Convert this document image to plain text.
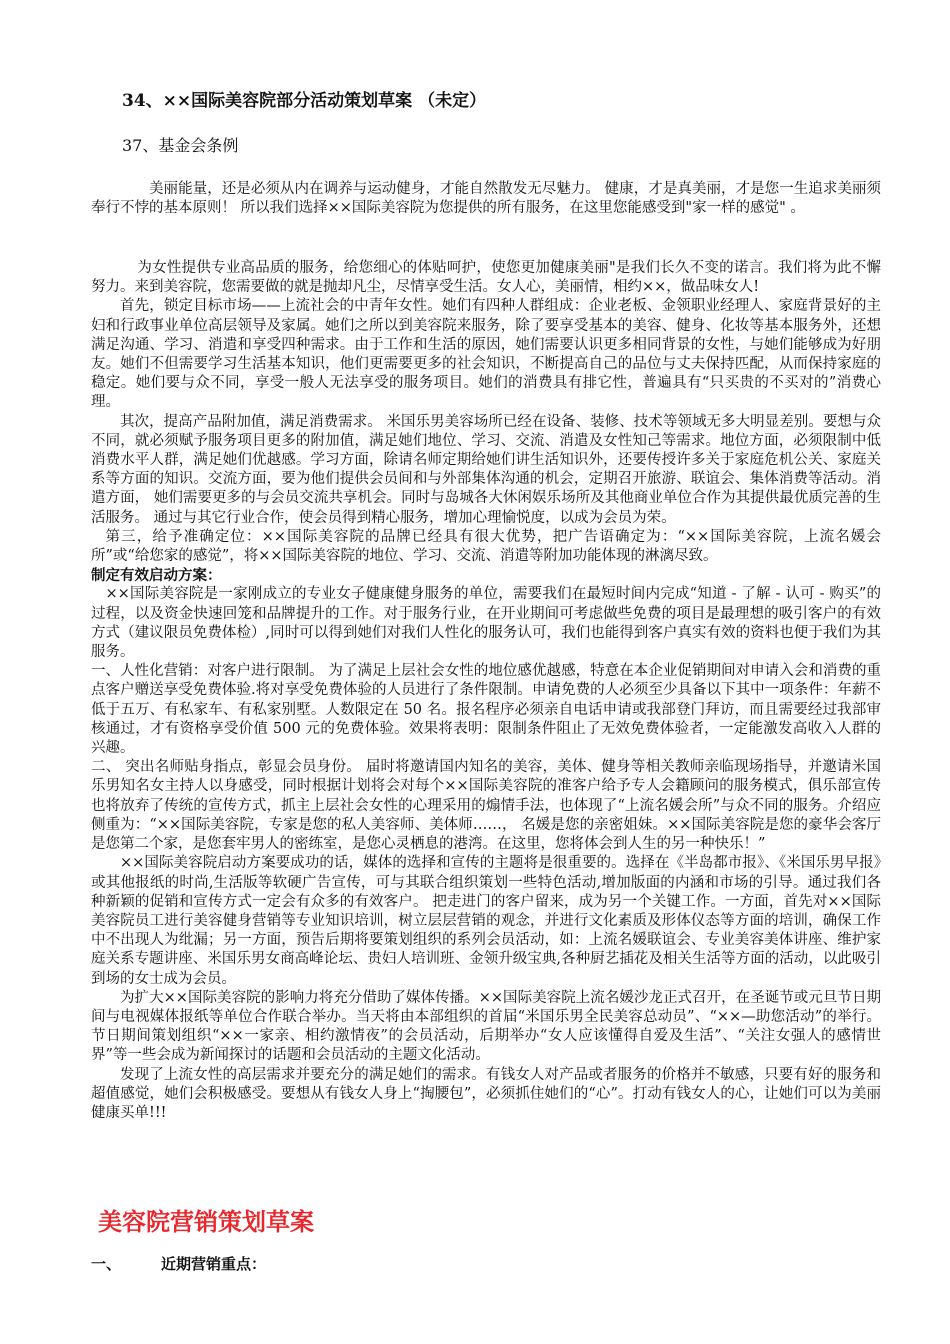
34、××国际美容院部分活动策划草案 （未定）
37、基金会条例

美丽能量，还是必须从内在调养与运动健身，才能自然散发无尽魅力。 健康，才是真美丽，才是您一生追求美丽须奉行不悖的基本原则！ 所以我们选择××国际美容院为您提供的所有服务，在这里您能感受到"家一样的感觉" 。

为女性提供专业高品质的服务，给您细心的体贴呵护，使您更加健康美丽"是我们长久不变的诺言。我们将为此不懈努力。来到美容院，您需要做的就是抛却凡尘，尽情享受生活。女人心，美丽情，相约××，做品味女人!

首先，锁定目标市场——上流社会的中青年女性。她们有四种人群组成：企业老板、金领职业经理人、家庭背景好的主妇和行政事业单位高层领导及家属。她们之所以到美容院来服务，除了要享受基本的美容、健身、化妆等基本服务外，还想满足沟通、学习、消遣和享受四种需求。由于工作和生活的原因，她们需要认识更多相同背景的女性，与她们能够成为好朋友。她们不但需要学习生活基本知识，他们更需要更多的社会知识，不断提高自己的品位与丈夫保持匹配，从而保持家庭的稳定。她们要与众不同，享受一般人无法享受的服务项目。她们的消费具有排它性，普遍具有“只买贵的不买对的”消费心理。

其次，提高产品附加值，满足消费需求。 米国乐男美容场所已经在设备、装修、技术等领域无多大明显差别。要想与众不同，就必须赋予服务项目更多的附加值，满足她们地位、学习、交流、消遣及女性知己等需求。地位方面，必须限制中低消费水平人群，满足她们优越感。学习方面，除请名师定期给她们讲生活知识外，还要传授许多关于家庭危机公关、家庭关系等方面的知识。交流方面，要为他们提供会员间和与外部集体沟通的机会，定期召开旅游、联谊会、集体消费等活动。消遣方面， 她们需要更多的与会员交流共享机会。同时与岛城各大休闲娱乐场所及其他商业单位合作为其提供最优质完善的生活服务。 通过与其它行业合作，使会员得到精心服务，增加心理愉悦度，以成为会员为荣。

第三，给予准确定位：××国际美容院的品牌已经具有很大优势，把广告语确定为：“××国际美容院，上流名媛会所”或“给您家的感觉”，将××国际美容院的地位、学习、交流、消遣等附加功能体现的淋漓尽致。

制定有效启动方案：

××国际美容院是一家刚成立的专业女子健康健身服务的单位，需要我们在最短时间内完成“知道 - 了解 - 认可 - 购买”的过程，以及资金快速回笼和品牌提升的工作。对于服务行业，在开业期间可考虑做些免费的项目是最理想的吸引客户的有效方式（建议限员免费体检）,同时可以得到她们对我们人性化的服务认可，我们也能得到客户真实有效的资料也便于我们为其服务。

一、人性化营销：对客户进行限制。 为了满足上层社会女性的地位感优越感，特意在本企业促销期间对申请入会和消费的重点客户赠送享受免费体验.将对享受免费体验的人员进行了条件限制。申请免费的人必须至少具备以下其中一项条件：年薪不低于五万、有私家车、有私家别墅。人数限定在 50 名。报名程序必须亲自电话申请或我部登门拜访，而且需要经过我部审核通过，才有资格享受价值 500 元的免费体验。效果将表明：限制条件阻止了无效免费体验者，一定能激发高收入人群的兴趣。

二、 突出名师贴身指点，彰显会员身份。 届时将邀请国内知名的美容，美体、健身等相关教师亲临现场指导，并邀请米国乐男知名女主持人以身感受，同时根据计划将会对每个××国际美容院的准客户给予专人会籍顾问的服务模式，俱乐部宣传也将放弃了传统的宣传方式，抓主上层社会女性的心理采用的煽情手法，也体现了“上流名媛会所”与众不同的服务。介绍应侧重为：“××国际美容院，专家是您的私人美容师、美体师……， 名媛是您的亲密姐妹。××国际美容院是您的豪华会客厅是您第二个家，是您套牢男人的密练室，是您心灵栖息的港湾。在这里，您将体会到人生的另一种快乐！”

××国际美容院启动方案要成功的话，媒体的选择和宣传的主题将是很重要的。选择在《半岛都市报》、《米国乐男早报》或其他报纸的时尚,生活版等软硬广告宣传，可与其联合组织策划一些特色活动,增加版面的内涵和市场的引导。通过我们各种新颖的促销和宣传方式一定会有众多的有效客户。 把走进门的客户留来，成为另一个关键工作。一方面，首先对××国际美容院员工进行美容健身营销等专业知识培训，树立层层营销的观念，并进行文化素质及形体仪态等方面的培训，确保工作中不出现人为纰漏；另一方面，预告后期将要策划组织的系列会员活动，如：上流名媛联谊会、专业美容美体讲座、维护家庭关系专题讲座、米国乐男女商高峰论坛、贵妇人培训班、金领升级宝典,各种厨艺插花及相关生活等方面的活动，以此吸引到场的女士成为会员。

为扩大××国际美容院的影响力将充分借助了媒体传播。××国际美容院上流名媛沙龙正式召开，在圣诞节或元旦节日期间与电视媒体报纸等单位合作联合举办。当天将由本部组织的首届“米国乐男全民美容总动员”、“××—助您活动”的举行。节日期间策划组织“××一家亲、相约激情夜”的会员活动，后期举办“女人应该懂得自爱及生活”、“关注女强人的感情世界”等一些会成为新闻探讨的话题和会员活动的主题文化活动。

发现了上流女性的高层需求并要充分的满足她们的需求。有钱女人对产品或者服务的价格并不敏感，只要有好的服务和超值感觉，她们会积极感受。要想从有钱女人身上“掏腰包”，必须抓住她们的“心”。打动有钱女人的心，让她们可以为美丽健康买单!!!

美容院营销策划草案
一、	近期营销重点：
